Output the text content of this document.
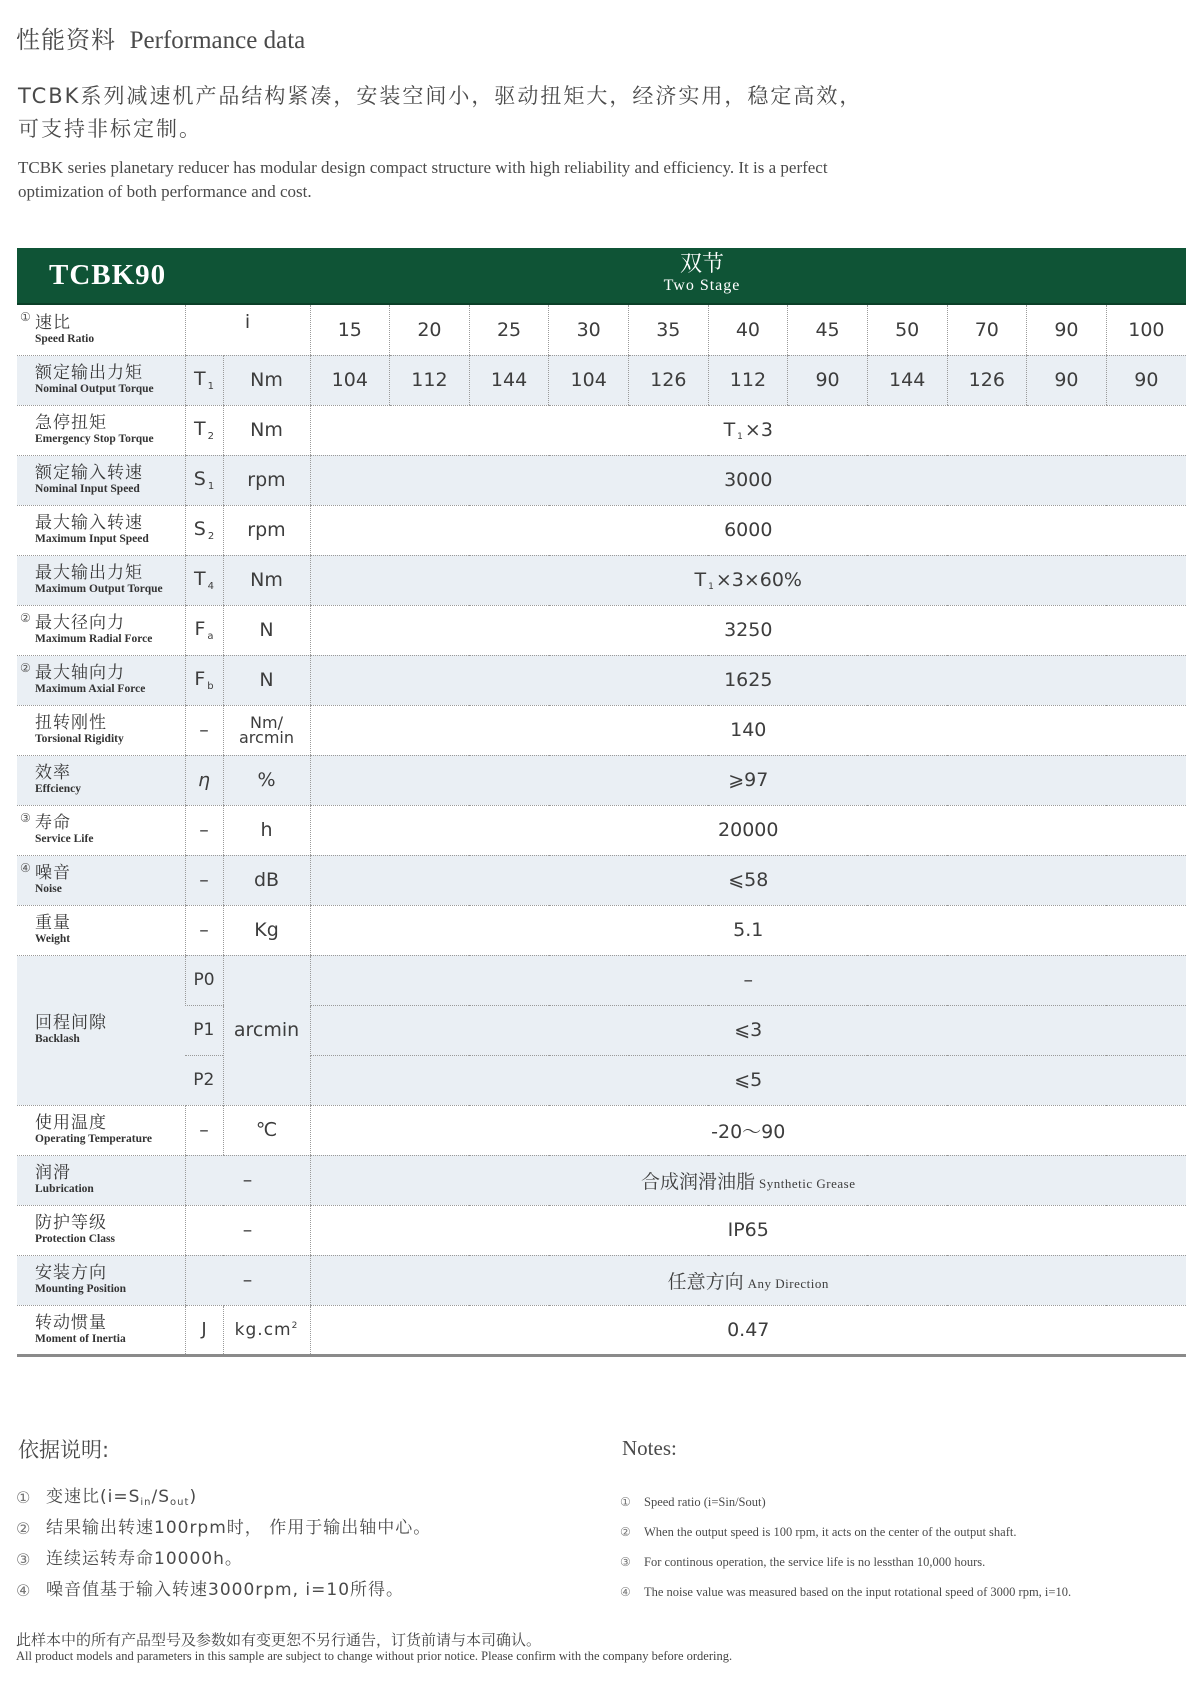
性能资料 Performance data
TCBK系列减速机产品结构紧凑，安装空间小，驱动扭矩大，经济实用，稳定高效，可支持非标定制。
TCBK series planetary reducer has modular design compact structure with high reliability and efficiency. It is a perfect optimization of both performance and cost.
TCBK90	双节
Two Stage
① 速比
Speed Ratio	i		15	20	25	30	35	40	45	50	70	90	100

额定输出力矩
Nominal Output Torque	T $_1$	Nm	104	112	144	104	126	112	90	144	126	90	90

急停扭矩
Emergency Stop Torque	T $_2$	Nm	T $_1$ ×3										

额定输入转速
Nominal Input Speed	S $_1$	rpm	3000										

最大输入转速
Maximum Input Speed	S $_2$	rpm	6000										

最大输出力矩
Maximum Output Torque	T $_4$	Nm	T $_1$ ×3×60%										

② 最大径向力
Maximum Radial Force	F $_a$	N	3250										

② 最大轴向力
Maximum Axial Force	F $_b$	N	1625										

扭转刚性
Torsional Rigidity	–	Nm/
arcmin	140

效率
Effciency	η	%	⩾97										

③ 寿命
Service Life	–	h	20000										

④ 噪音
Noise	–	dB	⩽58										

重量
Weight	–	Kg	5.1										

回程间隙
Backlash	P0	arcmin	–										
	P1		⩽3										
	P2		⩽5										

使用温度
Operating Temperature	–	℃	-20～90										

润滑
Lubrication	–		合成润滑油脂 Synthetic Grease										

防护等级
Protection Class	–		IP65										

安装方向
Mounting Position	–		任意方向 Any Direction										

转动惯量
Moment of Inertia	J	$kg.cm^2$	0.47										
依据说明:
① 变速比$(i=S_{in}/S_{out})$
② 结果输出转速100rpm时， 作用于输出轴中心。
③ 连续运转寿命10000h。
④ 噪音值基于输入转速3000rpm, i=10所得。
Notes:
①	Speed ratio (i=Sin/Sout)
②	When the output speed is 100 rpm, it acts on the center of the output shaft.
③	For continous operation, the service life is no lessthan 10,000 hours.
④	The noise value was measured based on the input rotational speed of 3000 rpm, i=10.
此样本中的所有产品型号及参数如有变更恕不另行通告，订货前请与本司确认。
All product models and parameters in this sample are subject to change without prior notice. Please confirm with the company before ordering.
